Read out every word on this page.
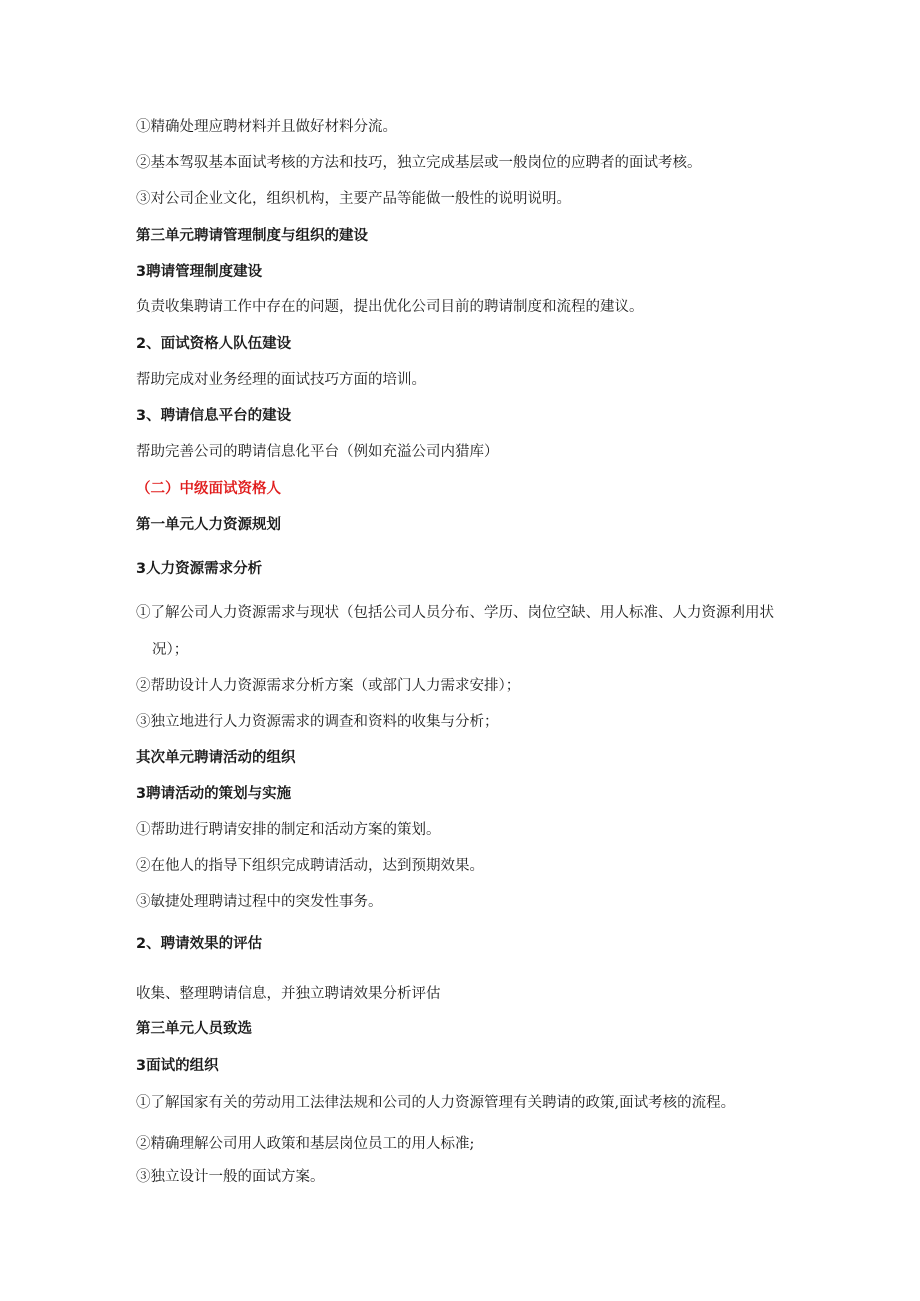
①精确处理应聘材料并且做好材料分流。
②基本驾驭基本面试考核的方法和技巧，独立完成基层或一般岗位的应聘者的面试考核。
③对公司企业文化，组织机构，主要产品等能做一般性的说明说明。
第三单元聘请管理制度与组织的建设
3聘请管理制度建设
负责收集聘请工作中存在的问题，提出优化公司目前的聘请制度和流程的建议。
2、面试资格人队伍建设
帮助完成对业务经理的面试技巧方面的培训。
3、聘请信息平台的建设
帮助完善公司的聘请信息化平台（例如充溢公司内猎库）
（二）中级面试资格人
第一单元人力资源规划
3人力资源需求分析
①了解公司人力资源需求与现状（包括公司人员分布、学历、岗位空缺、用人标准、人力资源利用状
况）；
②帮助设计人力资源需求分析方案（或部门人力需求安排）；
③独立地进行人力资源需求的调查和资料的收集与分析；
其次单元聘请活动的组织
3聘请活动的策划与实施
①帮助进行聘请安排的制定和活动方案的策划。
②在他人的指导下组织完成聘请活动，达到预期效果。
③敏捷处理聘请过程中的突发性事务。
2、聘请效果的评估
收集、整理聘请信息，并独立聘请效果分析评估
第三单元人员致选
3面试的组织
①了解国家有关的劳动用工法律法规和公司的人力资源管理有关聘请的政策,面试考核的流程。
②精确理解公司用人政策和基层岗位员工的用人标准;
③独立设计一般的面试方案。
